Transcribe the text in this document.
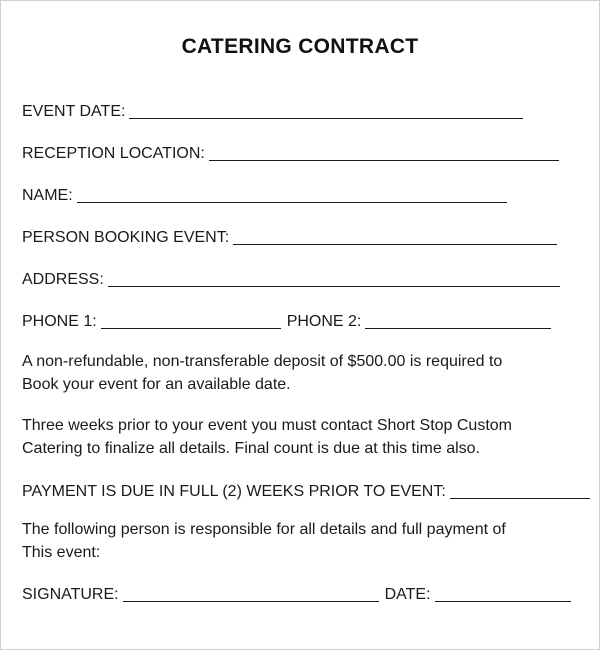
CATERING CONTRACT
EVENT DATE:
RECEPTION LOCATION:
NAME:
PERSON BOOKING EVENT:
ADDRESS:
PHONE 1:	PHONE 2:
A non-refundable, non-transferable deposit of $500.00 is required to
Book your event for an available date.
Three weeks prior to your event you must contact Short Stop Custom
Catering to finalize all details. Final count is due at this time also.
PAYMENT IS DUE IN FULL (2) WEEKS PRIOR TO EVENT:
The following person is responsible for all details and full payment of
This event:
SIGNATURE:	DATE:
